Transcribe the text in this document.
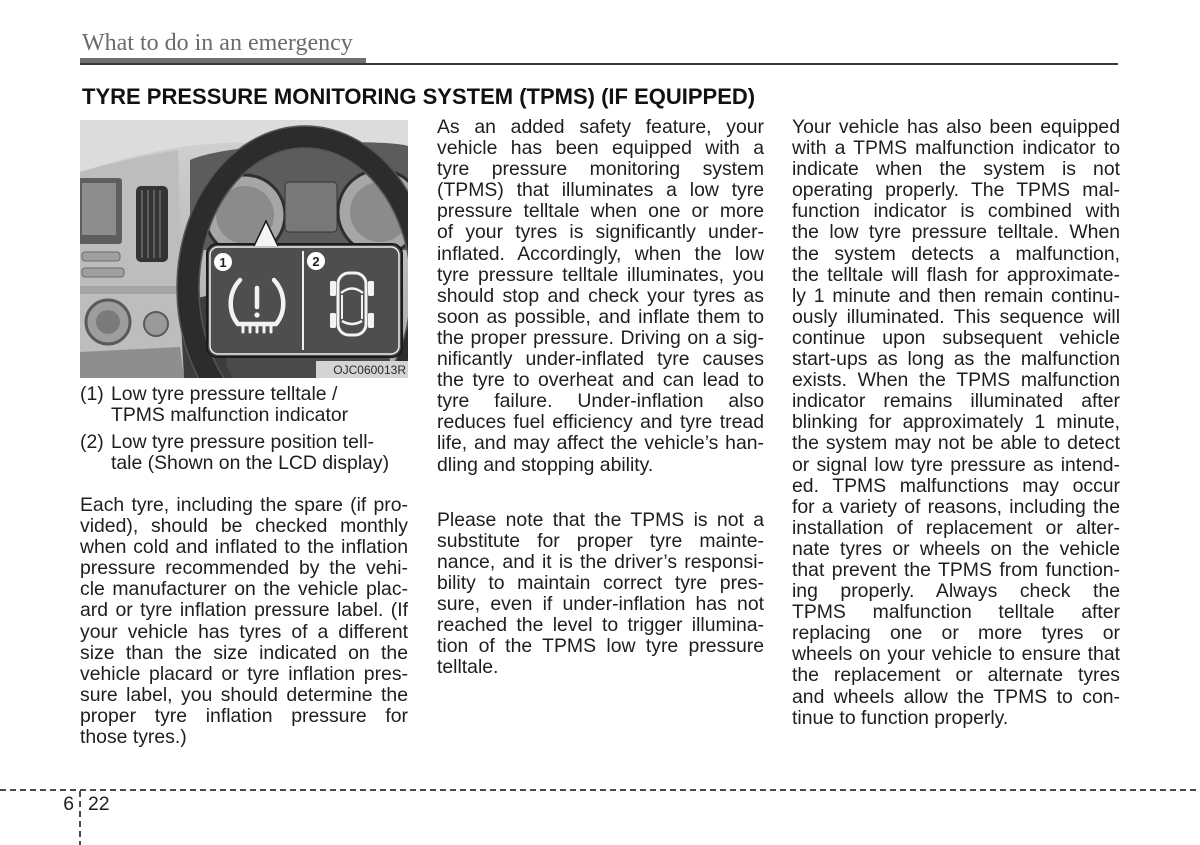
What to do in an emergency
TYRE PRESSURE MONITORING SYSTEM (TPMS) (IF EQUIPPED)
OJC060013R
1	2
(1) Low tyre pressure telltale /
TPMS malfunction indicator
(2) Low tyre pressure position tell-
tale (Shown on the LCD display)
Each tyre, including the spare (if pro-
vided), should be checked monthly
when cold and inflated to the inflation
pressure recommended by the vehi-
cle manufacturer on the vehicle plac-
ard or tyre inflation pressure label. (If
your vehicle has tyres of a different
size than the size indicated on the
vehicle placard or tyre inflation pres-
sure label, you should determine the
proper tyre inflation pressure for
those tyres.)
As an added safety feature, your
vehicle has been equipped with a
tyre pressure monitoring system
(TPMS) that illuminates a low tyre
pressure telltale when one or more
of your tyres is significantly under-
inflated. Accordingly, when the low
tyre pressure telltale illuminates, you
should stop and check your tyres as
soon as possible, and inflate them to
the proper pressure. Driving on a sig-
nificantly under-inflated tyre causes
the tyre to overheat and can lead to
tyre failure. Under-inflation also
reduces fuel efficiency and tyre tread
life, and may affect the vehicle’s han-
dling and stopping ability.
Please note that the TPMS is not a
substitute for proper tyre mainte-
nance, and it is the driver’s responsi-
bility to maintain correct tyre pres-
sure, even if under-inflation has not
reached the level to trigger illumina-
tion of the TPMS low tyre pressure
telltale.
Your vehicle has also been equipped
with a TPMS malfunction indicator to
indicate when the system is not
operating properly. The TPMS mal-
function indicator is combined with
the low tyre pressure telltale. When
the system detects a malfunction,
the telltale will flash for approximate-
ly 1 minute and then remain continu-
ously illuminated. This sequence will
continue upon subsequent vehicle
start-ups as long as the malfunction
exists. When the TPMS malfunction
indicator remains illuminated after
blinking for approximately 1 minute,
the system may not be able to detect
or signal low tyre pressure as intend-
ed. TPMS malfunctions may occur
for a variety of reasons, including the
installation of replacement or alter-
nate tyres or wheels on the vehicle
that prevent the TPMS from function-
ing properly. Always check the
TPMS malfunction telltale after
replacing one or more tyres or
wheels on your vehicle to ensure that
the replacement or alternate tyres
and wheels allow the TPMS to con-
tinue to function properly.
6 22
